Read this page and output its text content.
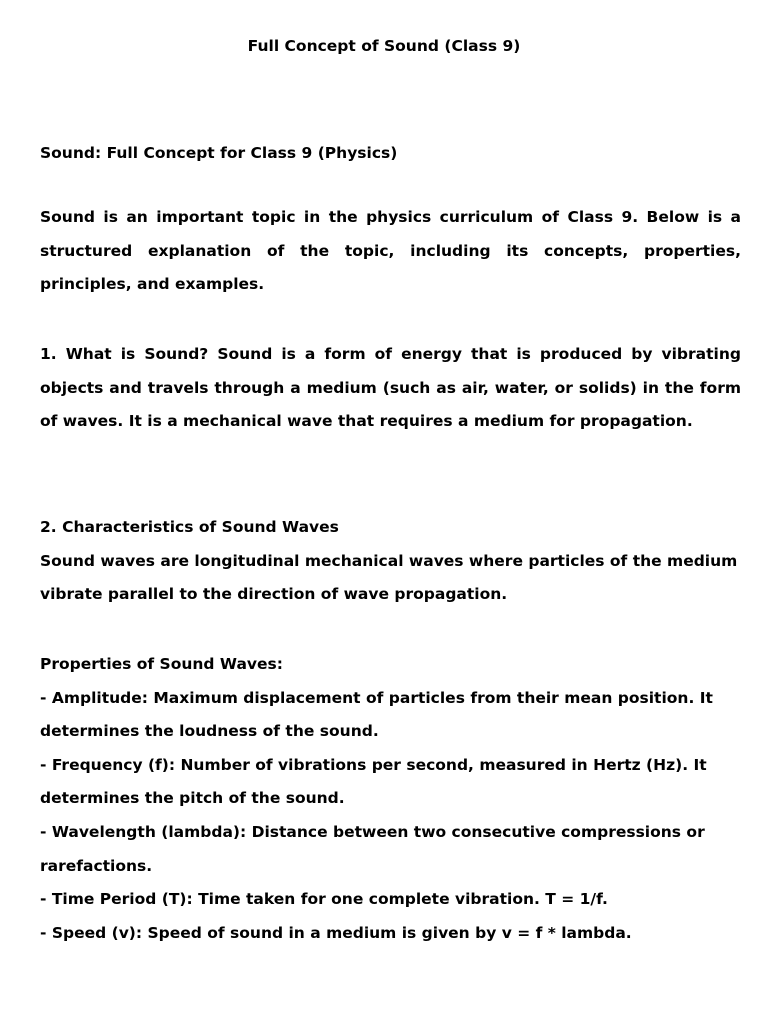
Full Concept of Sound (Class 9)
Sound: Full Concept for Class 9 (Physics)
Sound is an important topic in the physics curriculum of Class 9. Below is a structured explanation of the topic, including its concepts, properties, principles, and examples.
1. What is Sound? Sound is a form of energy that is produced by vibrating objects and travels through a medium (such as air, water, or solids) in the form of waves. It is a mechanical wave that requires a medium for propagation.
2. Characteristics of Sound Waves
Sound waves are longitudinal mechanical waves where particles of the medium
vibrate parallel to the direction of wave propagation.
Properties of Sound Waves:
- Amplitude: Maximum displacement of particles from their mean position. It
determines the loudness of the sound.
- Frequency (f): Number of vibrations per second, measured in Hertz (Hz). It
determines the pitch of the sound.
- Wavelength (lambda): Distance between two consecutive compressions or
rarefactions.
- Time Period (T): Time taken for one complete vibration. T = 1/f.
- Speed (v): Speed of sound in a medium is given by v = f * lambda.
